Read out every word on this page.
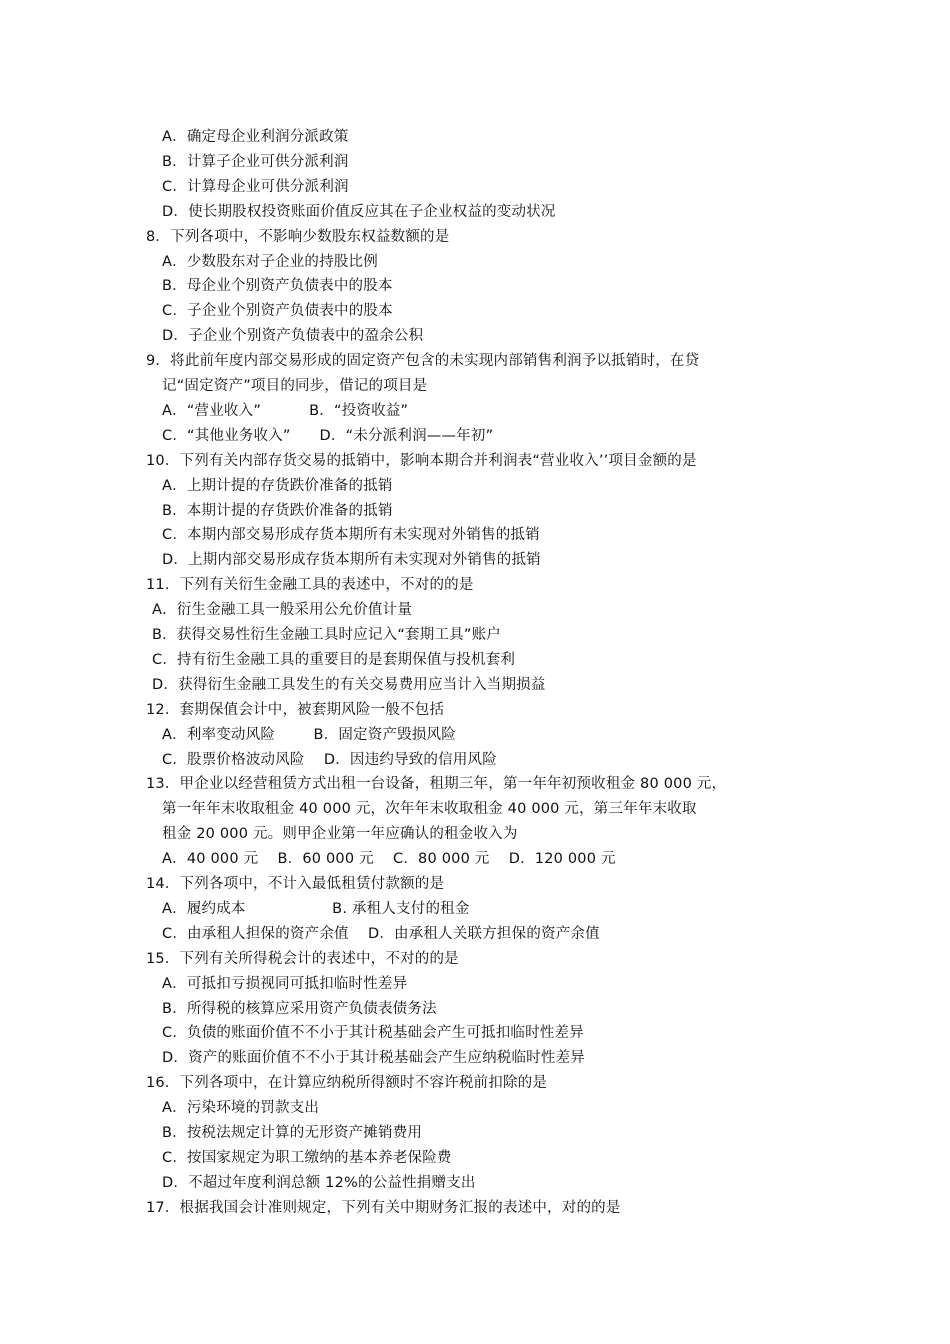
A．确定母企业利润分派政策
B．计算子企业可供分派利润
C．计算母企业可供分派利润
D．使长期股权投资账面价值反应其在子企业权益的变动状况
8．下列各项中，不影响少数股东权益数额的是
A．少数股东对子企业的持股比例
B．母企业个别资产负债表中的股本
C．子企业个别资产负债表中的股本
D．子企业个别资产负债表中的盈余公积
9．将此前年度内部交易形成的固定资产包含的未实现内部销售利润予以抵销时，在贷
记“固定资产”项目的同步，借记的项目是
A．“营业收入”          B．“投资收益”
C．“其他业务收入”      D．“未分派利润——年初”
10．下列有关内部存货交易的抵销中，影响本期合并利润表“营业收入’’项目金额的是
A．上期计提的存货跌价准备的抵销
B．本期计提的存货跌价准备的抵销
C．本期内部交易形成存货本期所有未实现对外销售的抵销
D．上期内部交易形成存货本期所有未实现对外销售的抵销
11．下列有关衍生金融工具的表述中，不对的的是
A．衍生金融工具一般采用公允价值计量
B．获得交易性衍生金融工具时应记入“套期工具”账户
C．持有衍生金融工具的重要目的是套期保值与投机套利
D．获得衍生金融工具发生的有关交易费用应当计入当期损益
12．套期保值会计中，被套期风险一般不包括
A．利率变动风险        B．固定资产毁损风险
C．股票价格波动风险    D．因违约导致的信用风险
13．甲企业以经营租赁方式出租一台设备，租期三年，第一年年初预收租金 80 000 元，
第一年年末收取租金 40 000 元，次年年末收取租金 40 000 元，第三年年末收取
租金 20 000 元。则甲企业第一年应确认的租金收入为
A．40 000 元    B．60 000 元    C．80 000 元    D．120 000 元
14．下列各项中，不计入最低租赁付款额的是
A．履约成本                  B. 承租人支付的租金
C．由承租人担保的资产余值    D．由承租人关联方担保的资产余值
15．下列有关所得税会计的表述中，不对的的是
A．可抵扣亏损视同可抵扣临时性差异
B．所得税的核算应采用资产负债表债务法
C．负债的账面价值不不小于其计税基础会产生可抵扣临时性差异
D．资产的账面价值不不小于其计税基础会产生应纳税临时性差异
16．下列各项中，在计算应纳税所得额时不容许税前扣除的是
A．污染环境的罚款支出
B．按税法规定计算的无形资产摊销费用
C．按国家规定为职工缴纳的基本养老保险费
D．不超过年度利润总额 12%的公益性捐赠支出
17．根据我国会计准则规定，下列有关中期财务汇报的表述中，对的的是
